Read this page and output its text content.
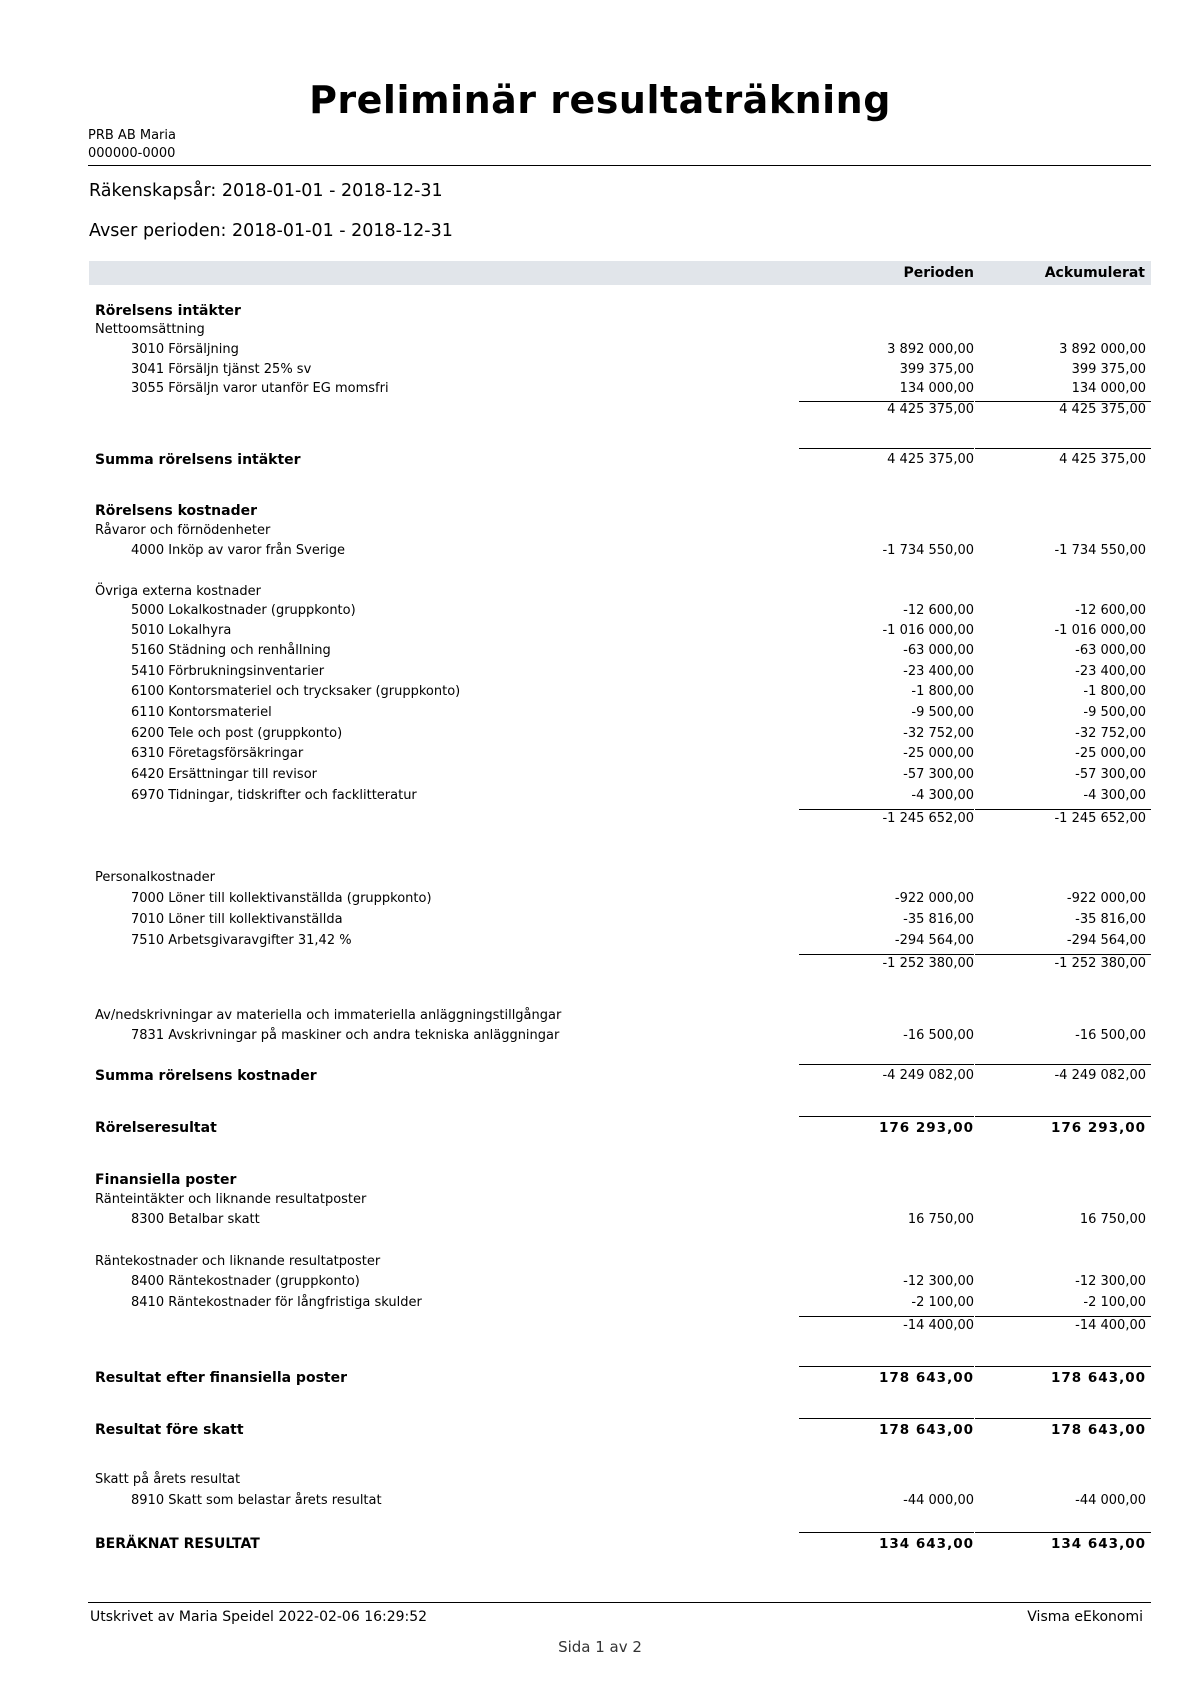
Preliminär resultaträkning
PRB AB Maria
000000-0000
Räkenskapsår: 2018-01-01 - 2018-12-31
Avser perioden: 2018-01-01 - 2018-12-31
Perioden	Ackumulerat
Rörelsens intäkter
Nettoomsättning
3010 Försäljning	3 892 000,00	3 892 000,00
3041 Försäljn tjänst 25% sv	399 375,00	399 375,00
3055 Försäljn varor utanför EG momsfri	134 000,00	134 000,00
4 425 375,00	4 425 375,00
Summa rörelsens intäkter	4 425 375,00	4 425 375,00
Rörelsens kostnader
Råvaror och förnödenheter
4000 Inköp av varor från Sverige	-1 734 550,00	-1 734 550,00
Övriga externa kostnader
5000 Lokalkostnader (gruppkonto)	-12 600,00	-12 600,00
5010 Lokalhyra	-1 016 000,00	-1 016 000,00
5160 Städning och renhållning	-63 000,00	-63 000,00
5410 Förbrukningsinventarier	-23 400,00	-23 400,00
6100 Kontorsmateriel och trycksaker (gruppkonto)	-1 800,00	-1 800,00
6110 Kontorsmateriel	-9 500,00	-9 500,00
6200 Tele och post (gruppkonto)	-32 752,00	-32 752,00
6310 Företagsförsäkringar	-25 000,00	-25 000,00
6420 Ersättningar till revisor	-57 300,00	-57 300,00
6970 Tidningar, tidskrifter och facklitteratur	-4 300,00	-4 300,00
-1 245 652,00	-1 245 652,00
Personalkostnader
7000 Löner till kollektivanställda (gruppkonto)	-922 000,00	-922 000,00
7010 Löner till kollektivanställda	-35 816,00	-35 816,00
7510 Arbetsgivaravgifter 31,42 %	-294 564,00	-294 564,00
-1 252 380,00	-1 252 380,00
Av/nedskrivningar av materiella och immateriella anläggningstillgångar
7831 Avskrivningar på maskiner och andra tekniska anläggningar	-16 500,00	-16 500,00
Summa rörelsens kostnader	-4 249 082,00	-4 249 082,00
Rörelseresultat	176 293,00	176 293,00
Finansiella poster
Ränteintäkter och liknande resultatposter
8300 Betalbar skatt	16 750,00	16 750,00
Räntekostnader och liknande resultatposter
8400 Räntekostnader (gruppkonto)	-12 300,00	-12 300,00
8410 Räntekostnader för långfristiga skulder	-2 100,00	-2 100,00
-14 400,00	-14 400,00
Resultat efter finansiella poster	178 643,00	178 643,00
Resultat före skatt	178 643,00	178 643,00
Skatt på årets resultat
8910 Skatt som belastar årets resultat	-44 000,00	-44 000,00
BERÄKNAT RESULTAT	134 643,00	134 643,00
Utskrivet av Maria Speidel 2022-02-06 16:29:52	Visma eEkonomi
Sida 1 av 2
